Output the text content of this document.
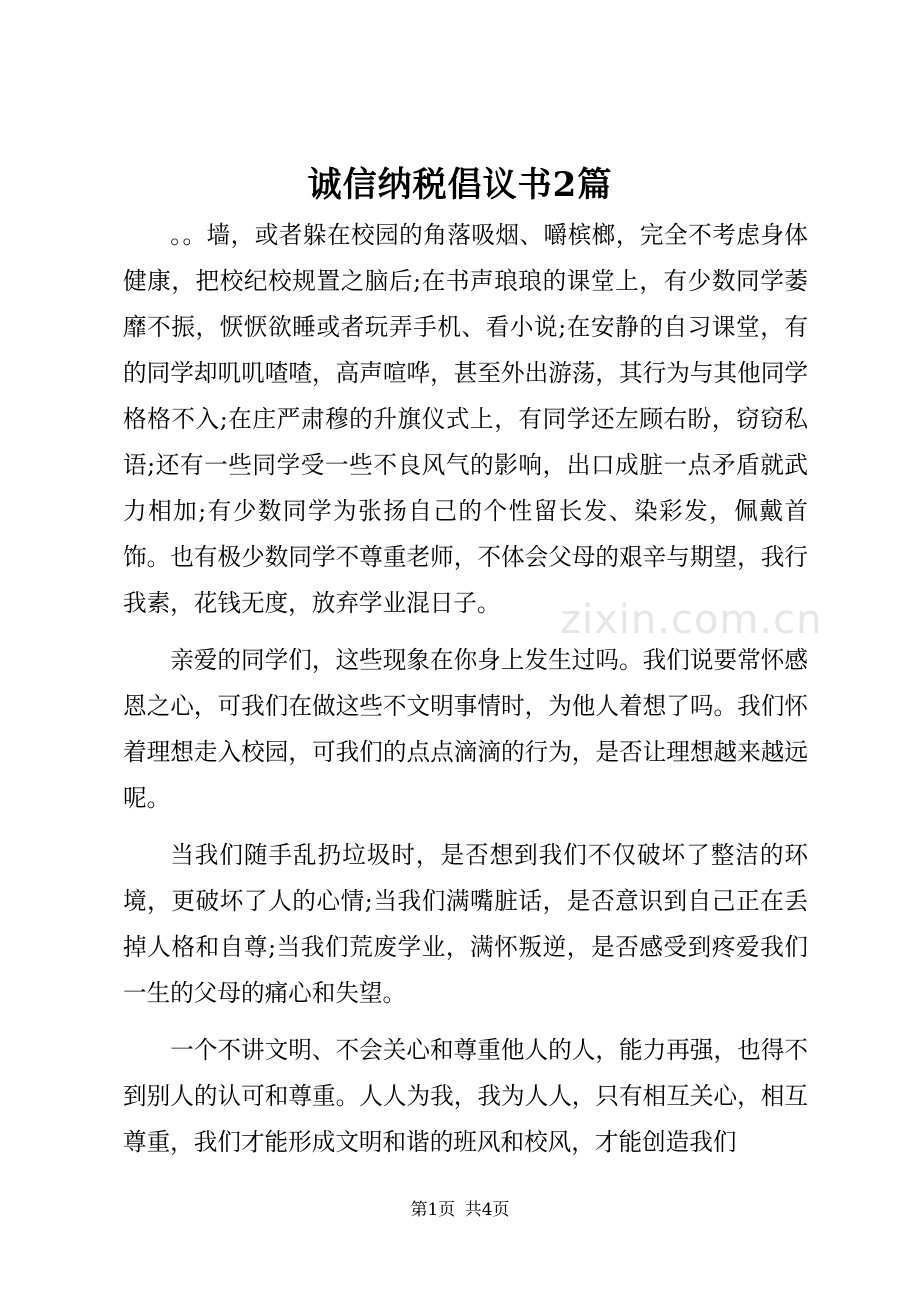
诚信纳税倡议书2篇
zixin.com.cn

。。墙，或者躲在校园的角落吸烟、嚼槟榔，完全不考虑身体健康，把校纪校规置之脑后;在书声琅琅的课堂上，有少数同学萎靡不振，恹恹欲睡或者玩弄手机、看小说;在安静的自习课堂，有的同学却叽叽喳喳，高声喧哗，甚至外出游荡，其行为与其他同学格格不入;在庄严肃穆的升旗仪式上，有同学还左顾右盼，窃窃私语;还有一些同学受一些不良风气的影响，出口成脏一点矛盾就武力相加;有少数同学为张扬自己的个性留长发、染彩发，佩戴首饰。也有极少数同学不尊重老师，不体会父母的艰辛与期望，我行我素，花钱无度，放弃学业混日子。

亲爱的同学们，这些现象在你身上发生过吗。我们说要常怀感恩之心，可我们在做这些不文明事情时，为他人着想了吗。我们怀着理想走入校园，可我们的点点滴滴的行为，是否让理想越来越远呢。

当我们随手乱扔垃圾时，是否想到我们不仅破坏了整洁的环境，更破坏了人的心情;当我们满嘴脏话，是否意识到自己正在丢掉人格和自尊;当我们荒废学业，满怀叛逆，是否感受到疼爱我们一生的父母的痛心和失望。

一个不讲文明、不会关心和尊重他人的人，能力再强，也得不到别人的认可和尊重。人人为我，我为人人，只有相互关心，相互尊重，我们才能形成文明和谐的班风和校风，才能创造我们

第1页 共4页
